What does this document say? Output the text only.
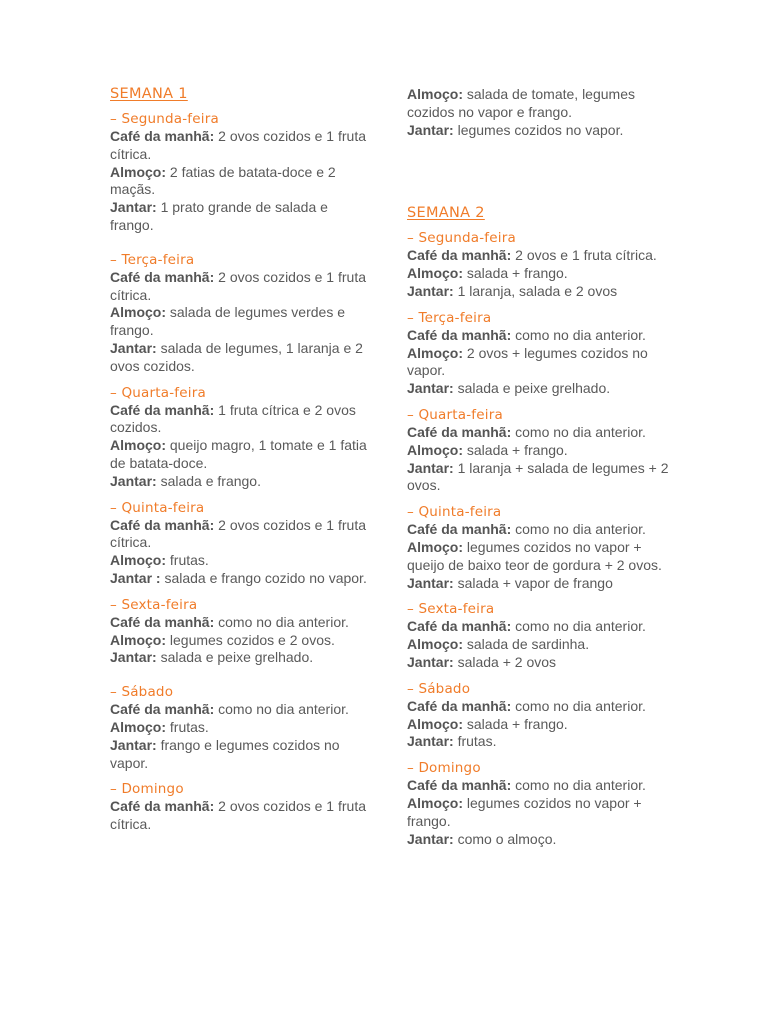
SEMANA 1
– Segunda-feira
Café da manhã: 2 ovos cozidos e 1 fruta cítrica.
Almoço: 2 fatias de batata-doce e 2 maçãs.
Jantar: 1 prato grande de salada e frango.
– Terça-feira
Café da manhã: 2 ovos cozidos e 1 fruta cítrica.
Almoço: salada de legumes verdes e frango.
Jantar: salada de legumes, 1 laranja e 2 ovos cozidos.
– Quarta-feira
Café da manhã: 1 fruta cítrica e 2 ovos cozidos.
Almoço: queijo magro, 1 tomate e 1 fatia de batata-doce.
Jantar: salada e frango.
– Quinta-feira
Café da manhã: 2 ovos cozidos e 1 fruta cítrica.
Almoço: frutas.
Jantar : salada e frango cozido no vapor.
– Sexta-feira
Café da manhã: como no dia anterior.
Almoço: legumes cozidos e 2 ovos.
Jantar: salada e peixe grelhado.
– Sábado
Café da manhã: como no dia anterior.
Almoço: frutas.
Jantar: frango e legumes cozidos no vapor.
– Domingo
Café da manhã: 2 ovos cozidos e 1 fruta cítrica.
Almoço: salada de tomate, legumes cozidos no vapor e frango.
Jantar: legumes cozidos no vapor.
SEMANA 2
– Segunda-feira
Café da manhã: 2 ovos e 1 fruta cítrica.
Almoço: salada + frango.
Jantar: 1 laranja, salada e 2 ovos
– Terça-feira
Café da manhã: como no dia anterior.
Almoço: 2 ovos + legumes cozidos no vapor.
Jantar: salada e peixe grelhado.
– Quarta-feira
Café da manhã: como no dia anterior.
Almoço: salada + frango.
Jantar: 1 laranja + salada de legumes + 2 ovos.
– Quinta-feira
Café da manhã: como no dia anterior.
Almoço: legumes cozidos no vapor + queijo de baixo teor de gordura + 2 ovos.
Jantar: salada + vapor de frango
– Sexta-feira
Café da manhã: como no dia anterior.
Almoço: salada de sardinha.
Jantar: salada + 2 ovos
– Sábado
Café da manhã: como no dia anterior.
Almoço: salada + frango.
Jantar: frutas.
– Domingo
Café da manhã: como no dia anterior.
Almoço: legumes cozidos no vapor + frango.
Jantar: como o almoço.
